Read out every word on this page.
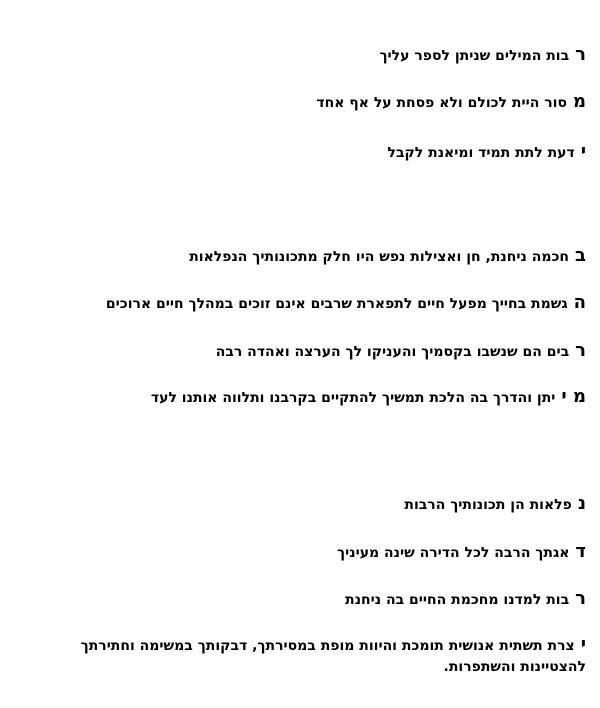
רבות המילים שניתן לספר עליך
מסור היית לכולם ולא פסחת על אף אחד
ידעת לתת תמיד ומיאנת לקבל
בחכמה ניחנת, חן ואצילות נפש היו חלק מתכונותיך הנפלאות
הגשמת בחייך מפעל חיים לתפארת שרבים אינם זוכים במהלך חיים ארוכים
רבים הם שנשבו בקסמיך והעניקו לך הערצה ואהדה רבה
מ ייתן והדרך בה הלכת תמשיך להתקיים בקרבנו ותלווה אותנו לעד
נפלאות הן תכונותיך הרבות
דאגתך הרבה לכל הדירה שינה מעיניך
רבות למדנו מחכמת החיים בה ניחנת
יצרת תשתית אנושית תומכת והיוות מופת במסירתך, דבקותך במשימה וחתירתך להצטיינות והשתפרות.
